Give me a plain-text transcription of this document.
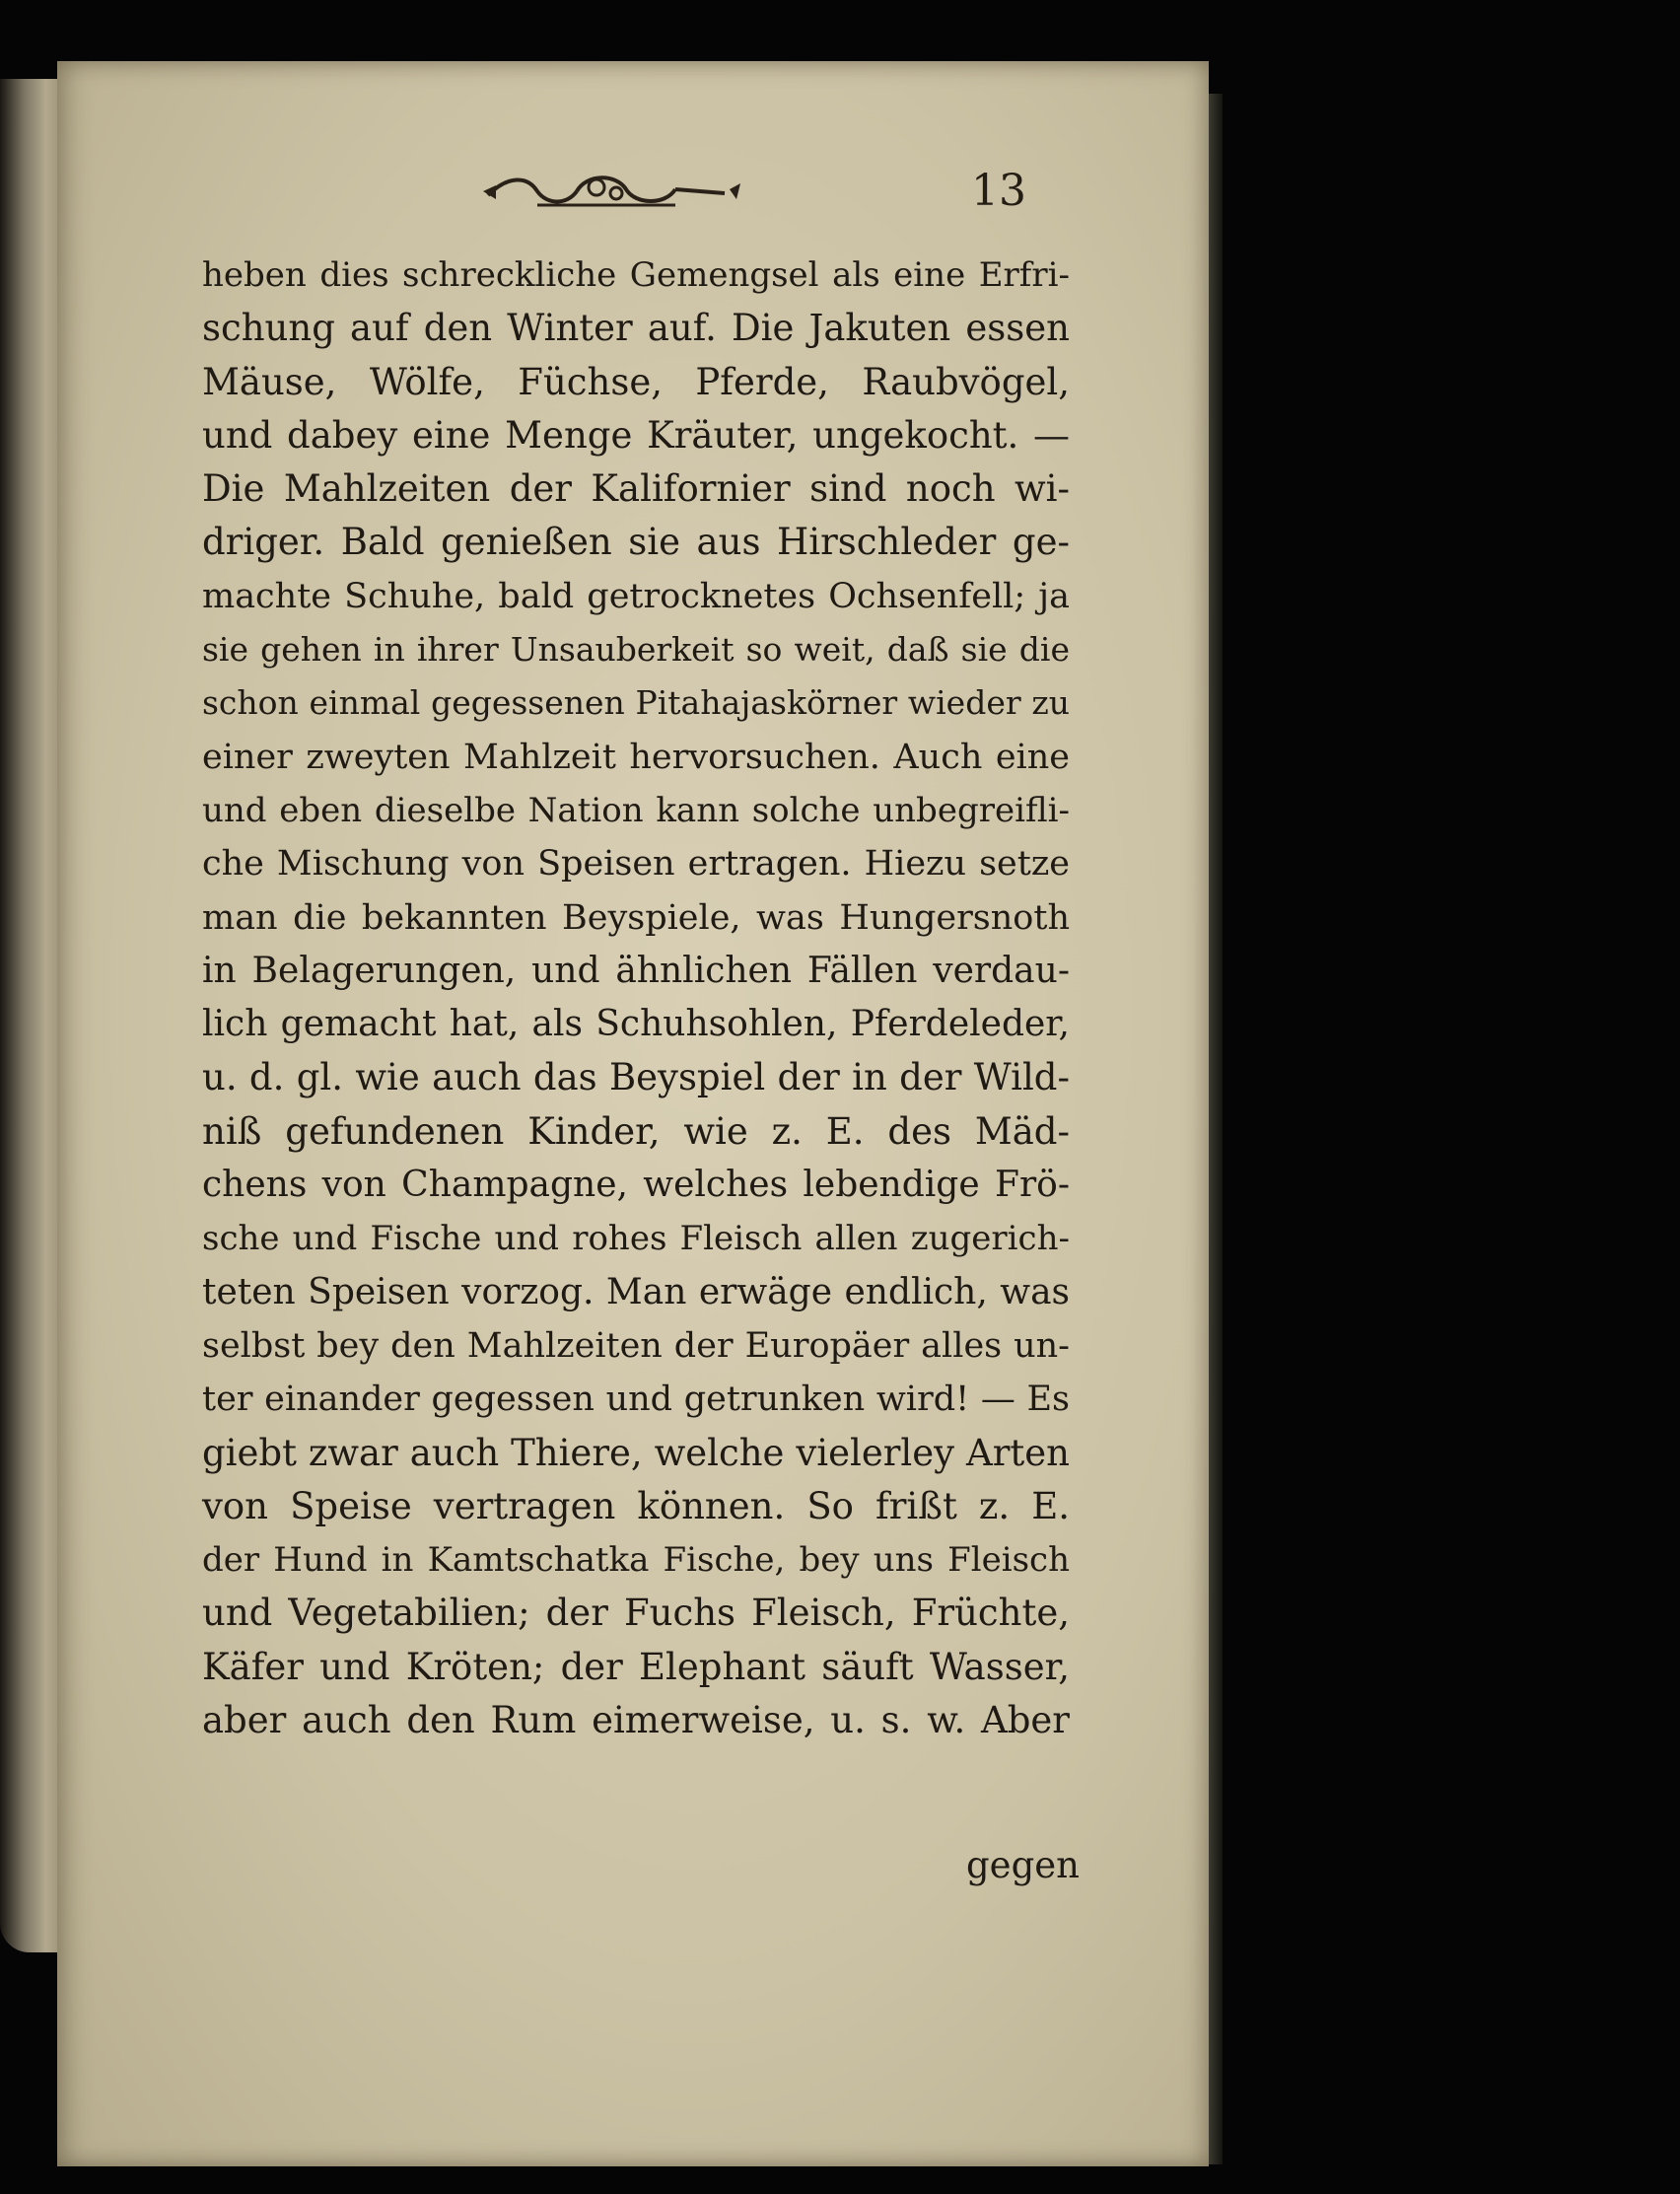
13
heben dies schreckliche Gemengsel als eine Erfri-
schung auf den Winter auf. Die Jakuten essen
Mäuse, Wölfe, Füchse, Pferde, Raubvögel,
und dabey eine Menge Kräuter, ungekocht. —
Die Mahlzeiten der Kalifornier sind noch wi-
driger. Bald genießen sie aus Hirschleder ge-
machte Schuhe, bald getrocknetes Ochsenfell; ja
sie gehen in ihrer Unsauberkeit so weit, daß sie die
schon einmal gegessenen Pitahajaskörner wieder zu
einer zweyten Mahlzeit hervorsuchen. Auch eine
und eben dieselbe Nation kann solche unbegreifli-
che Mischung von Speisen ertragen. Hiezu setze
man die bekannten Beyspiele, was Hungersnoth
in Belagerungen, und ähnlichen Fällen verdau-
lich gemacht hat, als Schuhsohlen, Pferdeleder,
u. d. gl. wie auch das Beyspiel der in der Wild-
niß gefundenen Kinder, wie z. E. des Mäd-
chens von Champagne, welches lebendige Frö-
sche und Fische und rohes Fleisch allen zugerich-
teten Speisen vorzog. Man erwäge endlich, was
selbst bey den Mahlzeiten der Europäer alles un-
ter einander gegessen und getrunken wird! — Es
giebt zwar auch Thiere, welche vielerley Arten
von Speise vertragen können. So frißt z. E.
der Hund in Kamtschatka Fische, bey uns Fleisch
und Vegetabilien; der Fuchs Fleisch, Früchte,
Käfer und Kröten; der Elephant säuft Wasser,
aber auch den Rum eimerweise, u. s. w. Aber
gegen
